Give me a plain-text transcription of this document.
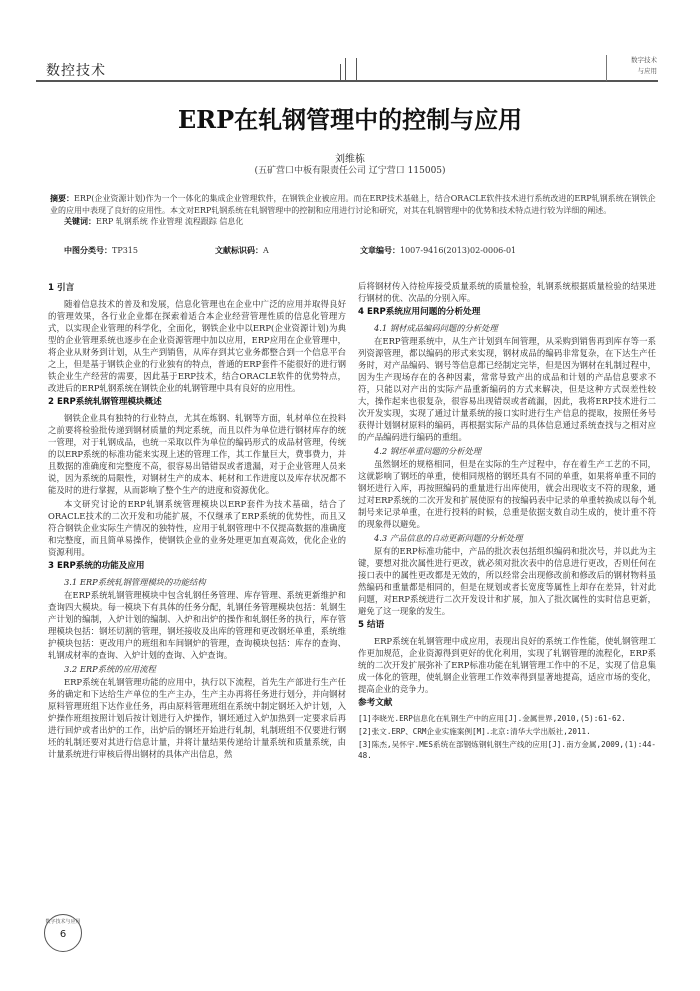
数控技术
数字技术
与应用
ERP在轧钢管理中的控制与应用
刘维栋
(五矿营口中板有限责任公司 辽宁营口 115005)
摘要：ERP(企业资源计划)作为一个一体化的集成企业管理软件，在钢铁企业被应用。而在ERP技术基础上，结合ORACLE软件技术进行系统改进的ERP轧钢系统在钢铁企业的应用中表现了良好的应用性。本文对ERP轧钢系统在轧钢管理中的控制和应用进行讨论和研究，对其在轧钢管理中的优势和技术特点进行较为详细的阐述。
关键词：ERP 轧钢系统 作业管理 流程跟踪 信息化
中图分类号：TP315	文献标识码：A	文章编号：1007-9416(2013)02-0006-01
1 引言

随着信息技术的普及和发展，信息化管理也在企业中广泛的应用并取得良好的管理效果，各行业企业都在探索着适合本企业经营管理性质的信息化管理方式，以实现企业管理的科学化，全面化，钢铁企业中以ERP(企业资源计划)为典型的企业管理系统也逐步在企业资源管理中加以应用，ERP应用在企业管理中，将企业从财务到计划，从生产到销售，从库存到其它业务都整合到一个信息平台之上，但是基于钢铁企业的行业独有的特点，普通的ERP套件不能很好的进行钢铁企业生产经营的需要，因此基于ERP技术，结合ORACLE软件的优势特点，改进后的ERP轧钢系统在钢铁企业的轧钢管理中具有良好的应用性。

2 ERP系统轧钢管理模块概述

钢铁企业具有独特的行业特点，尤其在炼钢、轧钢等方面，轧材单位在投料之前要将检验批传递到钢材质量的判定系统，而且以件为单位进行钢材库存的统一管理，对于轧钢成品，也统一采取以件为单位的编码形式的成品材管理，传统的以ERP系统的标准功能来实现上述的管理工作，其工作量巨大，费事费力，并且数据的准确度和完整度不高，很容易出错错误或者遗漏，对于企业管理人员来说，因为系统的局限性，对钢材生产的成本、耗材和工作进度以及库存状况都不能及时的进行掌握，从而影响了整个生产的进度和资源优化。

本文研究讨论的ERP轧钢系统管理模块以ERP套件为技术基础，结合了ORACLE技术的二次开发和功能扩展，不仅继承了ERP系统的优势性，而且又符合钢铁企业实际生产情况的独特性，应用于轧钢管理中不仅提高数据的准确度和完整度，而且简单易操作，使钢铁企业的业务处理更加直观高效，优化企业的资源利用。

3 ERP系统的功能及应用
3.1 ERP系统轧钢管理模块的功能结构

在ERP系统轧钢管理模块中包含轧钢任务管理、库存管理、系统更新维护和查询四大模块。每一模块下有具体的任务分配，轧钢任务管理模块包括：轧钢生产计划的编制，入炉计划的编制、入炉和出炉的操作和轧钢任务的执行，库存管理模块包括：钢坯切割的管理，钢坯接收及出库的管理和更改钢坯单重，系统维护模块包括：更改用户的班组和车间钢炉的管理，查询模块包括：库存的查询、轧钢成材率的查询、入炉计划的查询、入炉查询。

3.2 ERP系统的应用流程

ERP系统在轧钢管理功能的应用中，执行以下流程，首先生产部进行生产任务的确定和下达给生产单位的生产主办，生产主办再将任务进行划分，并向钢材原料管理班组下达作业任务，再由原料管理班组在系统中制定钢坯入炉计划，入炉操作班组按照计划后按计划进行入炉操作，钢坯通过入炉加热到一定要求后再进行回炉或者出炉的工作，出炉后的钢坯开始进行轧制，轧制班组不仅要进行钢坯的轧制还要对其进行信息计量，并将计量结果传递给计量系统和质量系统，由计量系统进行审核后得出钢材的具体产出信息，然

后将钢材传入待检库接受质量系统的质量检验，轧钢系统根据质量检验的结果进行钢材的优、次品的分别入库。

4 ERP系统应用问题的分析处理
4.1 钢材成品编码问题的分析处理

在ERP管理系统中，从生产计划到车间管理，从采购到销售再到库存等一系列资源管理，都以编码的形式来实现，钢材成品的编码非常复杂，在下达生产任务时，对产品编码、钢号等信息都已经制定完毕，但是因为钢材在轧制过程中，因为生产现场存在的各种因素，常常导致产出的成品和计划的产品信息要求不符，只能以对产出的实际产品重新编码的方式来解决，但是这种方式误差性较大，操作起来也很复杂，很容易出现错误或者疏漏，因此，我将ERP技术进行二次开发实现，实现了通过计量系统的接口实时进行生产信息的提取，按照任务号获得计划钢材原料的编码，再根据实际产品的具体信息通过系统查找与之相对应的产品编码进行编码的重组。

4.2 钢坯单重问题的分析处理

虽然钢坯的规格相同，但是在实际的生产过程中，存在着生产工艺的不同，这就影响了钢坯的单重，使相同规格的钢坯具有不同的单重，如果将单重不同的钢坯进行入库，再按照编码的重量进行出库使用，就会出现收支不符的现象，通过对ERP系统的二次开发和扩展使原有的按编码表中记录的单重转换成以每个轧制号来记录单重，在进行投料的时候，总重是依据支数自动生成的，使计重不符的现象得以避免。

4.3 产品信息的自动更新问题的分析处理

原有的ERP标准功能中，产品的批次表包括组织编码和批次号，并以此为主键，要想对批次属性进行更改，就必须对批次表中的信息进行更改，否则任何在接口表中的属性更改都是无效的，所以经常会出现修改前和修改后的钢材物料虽然编码和重量都是相同的，但是在规划或者长宽度等属性上却存在差异，针对此问题，对ERP系统进行二次开发设计和扩展，加入了批次属性的实时信息更新，避免了这一现象的发生。

5 结语

ERP系统在轧钢管理中成应用，表现出良好的系统工作性能，使轧钢管理工作更加规范，企业资源得到更好的优化利用，实现了轧钢管理的流程化，ERP系统的二次开发扩展弥补了ERP标准功能在轧钢管理工作中的不足，实现了信息集成一体化的管理，使轧钢企业管理工作效率得到显著地提高，适应市场的变化，提高企业的竞争力。

参考文献

[1]李晓光.ERP信息化在轧钢生产中的应用[J].金属世界,2010,(5):61-62.

[2]张文.ERP、CRM企业实施案例[M].北京:清华大学出版社,2011.

[3]陈杰,吴怀宇.MES系统在部钢炼钢轧钢生产线的应用[J].南方金属,2009,(1):44-48.

数字技术与应用
6
